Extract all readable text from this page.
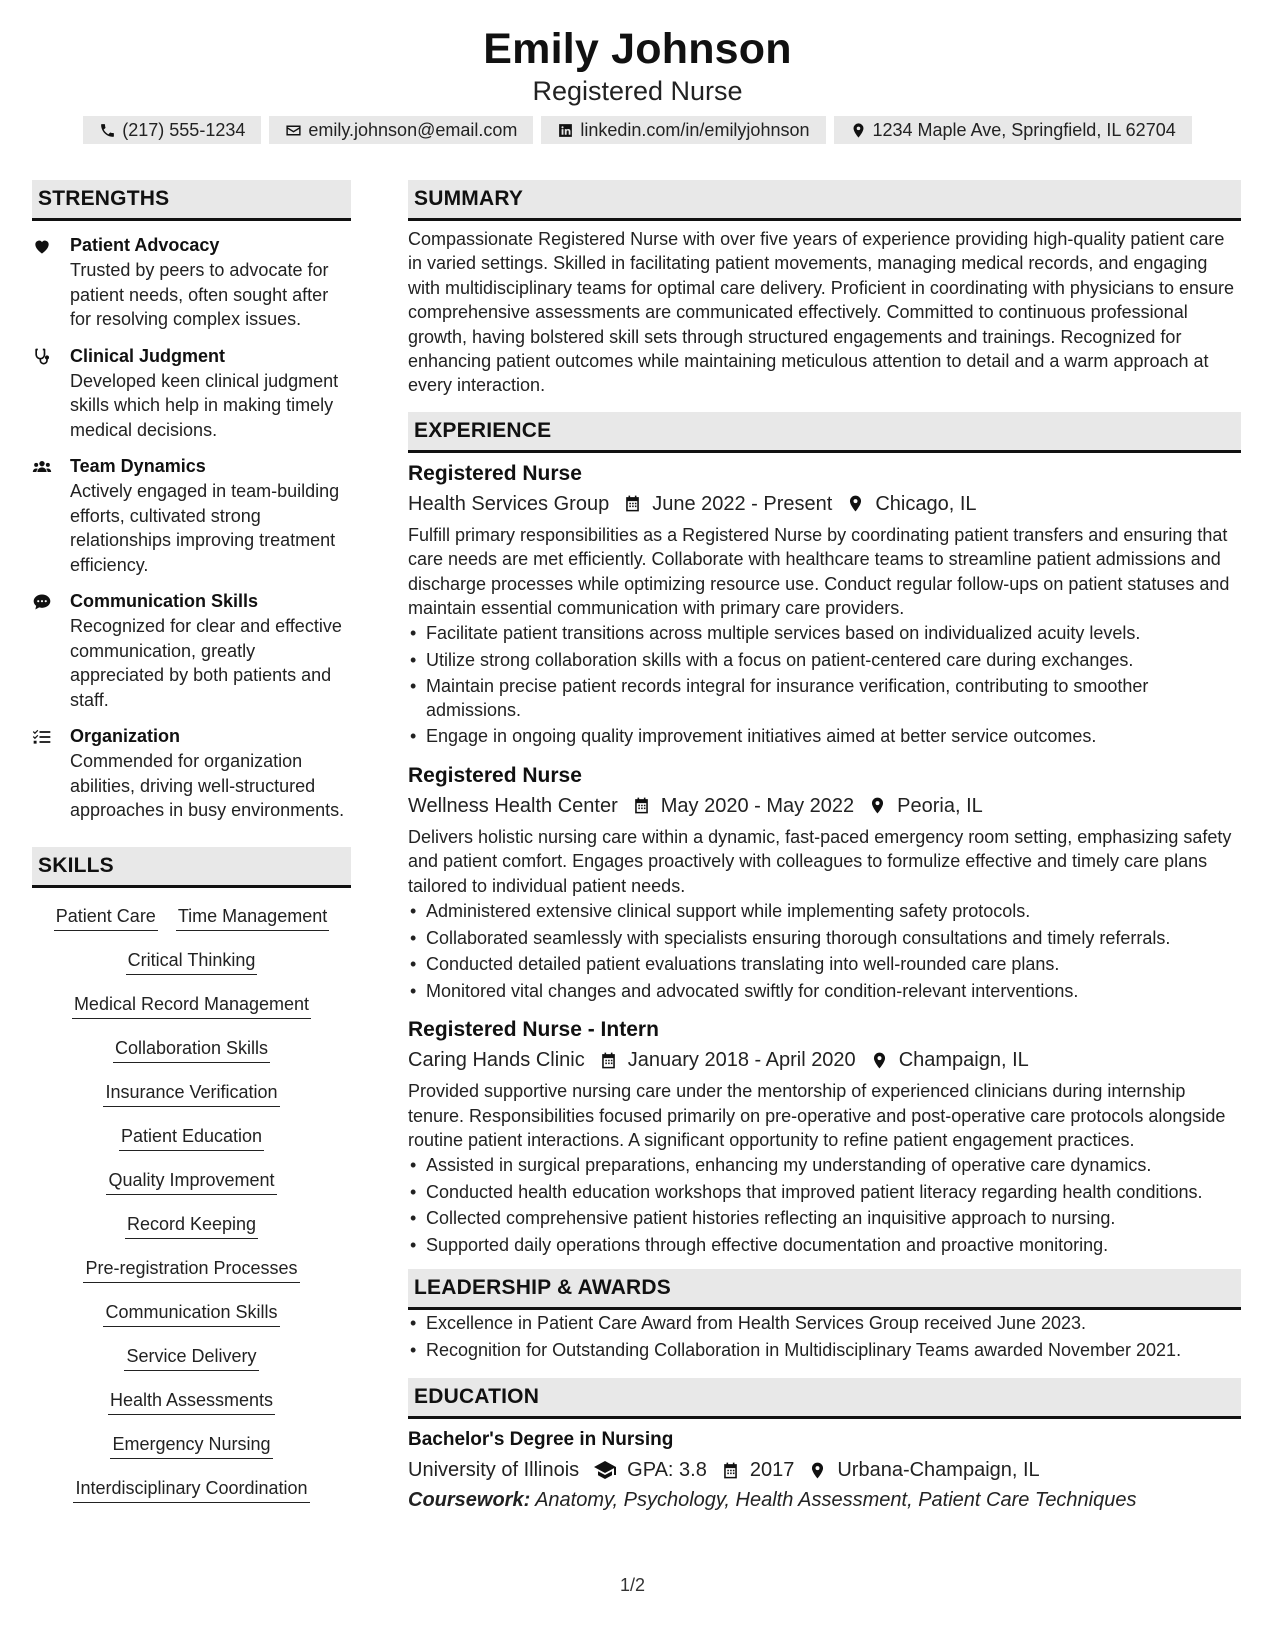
Emily Johnson
Registered Nurse
(217) 555-1234	emily.johnson@email.com	linkedin.com/in/emilyjohnson	1234 Maple Ave, Springfield, IL 62704
STRENGTHS
Patient Advocacy
Trusted by peers to advocate for patient needs, often sought after for resolving complex issues.
Clinical Judgment
Developed keen clinical judgment skills which help in making timely medical decisions.
Team Dynamics
Actively engaged in team-building efforts, cultivated strong relationships improving treatment efficiency.
Communication Skills
Recognized for clear and effective communication, greatly appreciated by both patients and staff.
Organization
Commended for organization abilities, driving well-structured approaches in busy environments.
SKILLS
Patient Care Time Management
Critical Thinking
Medical Record Management
Collaboration Skills
Insurance Verification
Patient Education
Quality Improvement
Record Keeping
Pre-registration Processes
Communication Skills
Service Delivery
Health Assessments
Emergency Nursing
Interdisciplinary Coordination
SUMMARY
Compassionate Registered Nurse with over five years of experience providing high-quality patient care in varied settings. Skilled in facilitating patient movements, managing medical records, and engaging with multidisciplinary teams for optimal care delivery. Proficient in coordinating with physicians to ensure comprehensive assessments are communicated effectively. Committed to continuous professional growth, having bolstered skill sets through structured engagements and trainings. Recognized for enhancing patient outcomes while maintaining meticulous attention to detail and a warm approach at every interaction.
EXPERIENCE
Registered Nurse
Health Services Group June 2022 - Present Chicago, IL
Fulfill primary responsibilities as a Registered Nurse by coordinating patient transfers and ensuring that care needs are met efficiently. Collaborate with healthcare teams to streamline patient admissions and discharge processes while optimizing resource use. Conduct regular follow-ups on patient statuses and maintain essential communication with primary care providers.
• Facilitate patient transitions across multiple services based on individualized acuity levels.
• Utilize strong collaboration skills with a focus on patient-centered care during exchanges.
• Maintain precise patient records integral for insurance verification, contributing to smoother admissions.
• Engage in ongoing quality improvement initiatives aimed at better service outcomes.
Registered Nurse
Wellness Health Center May 2020 - May 2022 Peoria, IL
Delivers holistic nursing care within a dynamic, fast-paced emergency room setting, emphasizing safety and patient comfort. Engages proactively with colleagues to formulize effective and timely care plans tailored to individual patient needs.
• Administered extensive clinical support while implementing safety protocols.
• Collaborated seamlessly with specialists ensuring thorough consultations and timely referrals.
• Conducted detailed patient evaluations translating into well-rounded care plans.
• Monitored vital changes and advocated swiftly for condition-relevant interventions.
Registered Nurse - Intern
Caring Hands Clinic January 2018 - April 2020 Champaign, IL
Provided supportive nursing care under the mentorship of experienced clinicians during internship tenure. Responsibilities focused primarily on pre-operative and post-operative care protocols alongside routine patient interactions. A significant opportunity to refine patient engagement practices.
• Assisted in surgical preparations, enhancing my understanding of operative care dynamics.
• Conducted health education workshops that improved patient literacy regarding health conditions.
• Collected comprehensive patient histories reflecting an inquisitive approach to nursing.
• Supported daily operations through effective documentation and proactive monitoring.
LEADERSHIP & AWARDS
• Excellence in Patient Care Award from Health Services Group received June 2023.
• Recognition for Outstanding Collaboration in Multidisciplinary Teams awarded November 2021.
EDUCATION
Bachelor's Degree in Nursing
University of Illinois GPA: 3.8 2017 Urbana-Champaign, IL
Coursework: Anatomy, Psychology, Health Assessment, Patient Care Techniques
1/2
